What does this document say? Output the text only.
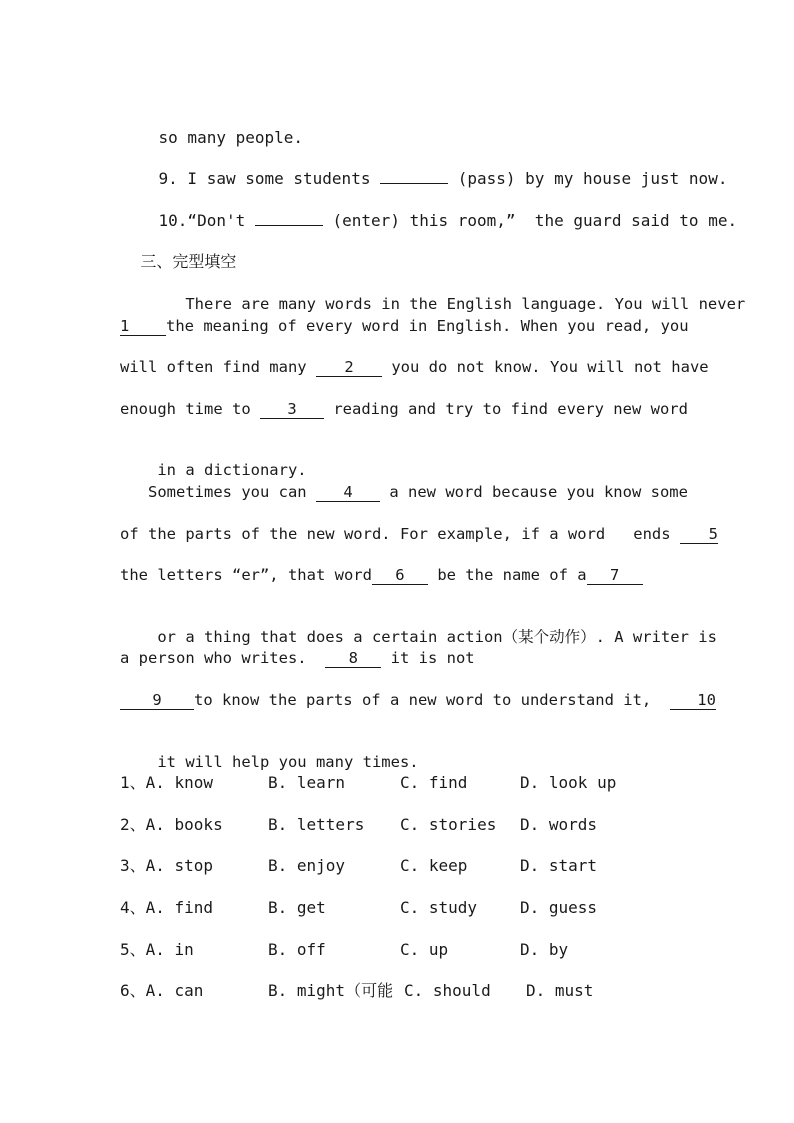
so many people.

9. I saw some students	(pass) by my house just now.

10.“Don't	(enter) this room,”  the guard said to me.

三、完型填空

There are many words in the English language. You will never

1 the meaning of every word in English. When you read, you
will often find many 2 you do not know. You will not have
enough time to 3 reading and try to find every new word

in a dictionary.

Sometimes you can 4 a new word because you know some
of the parts of the new word. For example, if a word   ends 5
the letters “er”, that word 6 be the name of a 7

or a thing that does a certain action（某个动作）. A writer is

a person who writes.	8 it is not
9 to know the parts of a new word to understand it,	10

it will help you many times.

1、A. know

	B. learn

	C. find

	D. look up

2、A. books

	B. letters

C. stories

D. words

3、A. stop

	B. enjoy

	C. keep

	D. start

4、A. find

	B. get

	C. study

	D. guess

5、A. in

	B. off

	C. up

	D. by

6、A. can

	B. might（可能

C. should

D. must
